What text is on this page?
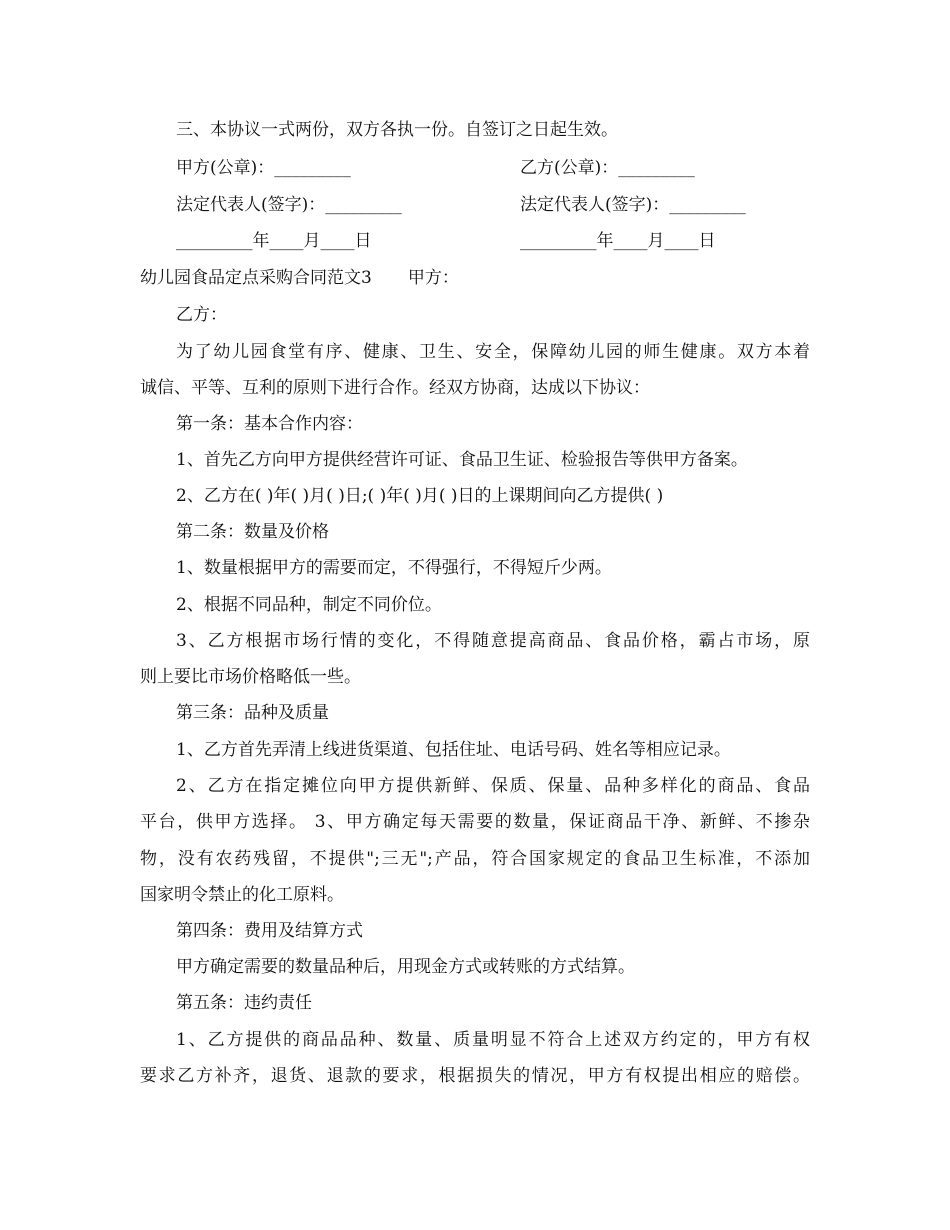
三、本协议一式两份，双方各执一份。自签订之日起生效。
甲方(公章)：_________	乙方(公章)：_________
法定代表人(签字)：_________	法定代表人(签字)：_________
_________年____月____日	_________年____月____日
幼儿园食品定点采购合同范文3 甲方：
乙方：
为了幼儿园食堂有序、健康、卫生、安全，保障幼儿园的师生健康。双方本着
诚信、平等、互利的原则下进行合作。经双方协商，达成以下协议：
第一条：基本合作内容：
1、首先乙方向甲方提供经营许可证、食品卫生证、检验报告等供甲方备案。
2、乙方在( )年( )月( )日;( )年( )月( )日的上课期间向乙方提供( )
第二条：数量及价格
1、数量根据甲方的需要而定，不得强行，不得短斤少两。
2、根据不同品种，制定不同价位。
3、乙方根据市场行情的变化，不得随意提高商品、食品价格，霸占市场，原
则上要比市场价格略低一些。
第三条：品种及质量
1、乙方首先弄清上线进货渠道、包括住址、电话号码、姓名等相应记录。
2、乙方在指定摊位向甲方提供新鲜、保质、保量、品种多样化的商品、食品
平台，供甲方选择。 3、甲方确定每天需要的数量，保证商品干净、新鲜、不掺杂
物，没有农药残留，不提供";三无";产品，符合国家规定的食品卫生标准，不添加
国家明令禁止的化工原料。
第四条：费用及结算方式
甲方确定需要的数量品种后，用现金方式或转账的方式结算。
第五条：违约责任
1、乙方提供的商品品种、数量、质量明显不符合上述双方约定的，甲方有权
要求乙方补齐，退货、退款的要求，根据损失的情况，甲方有权提出相应的赔偿。
